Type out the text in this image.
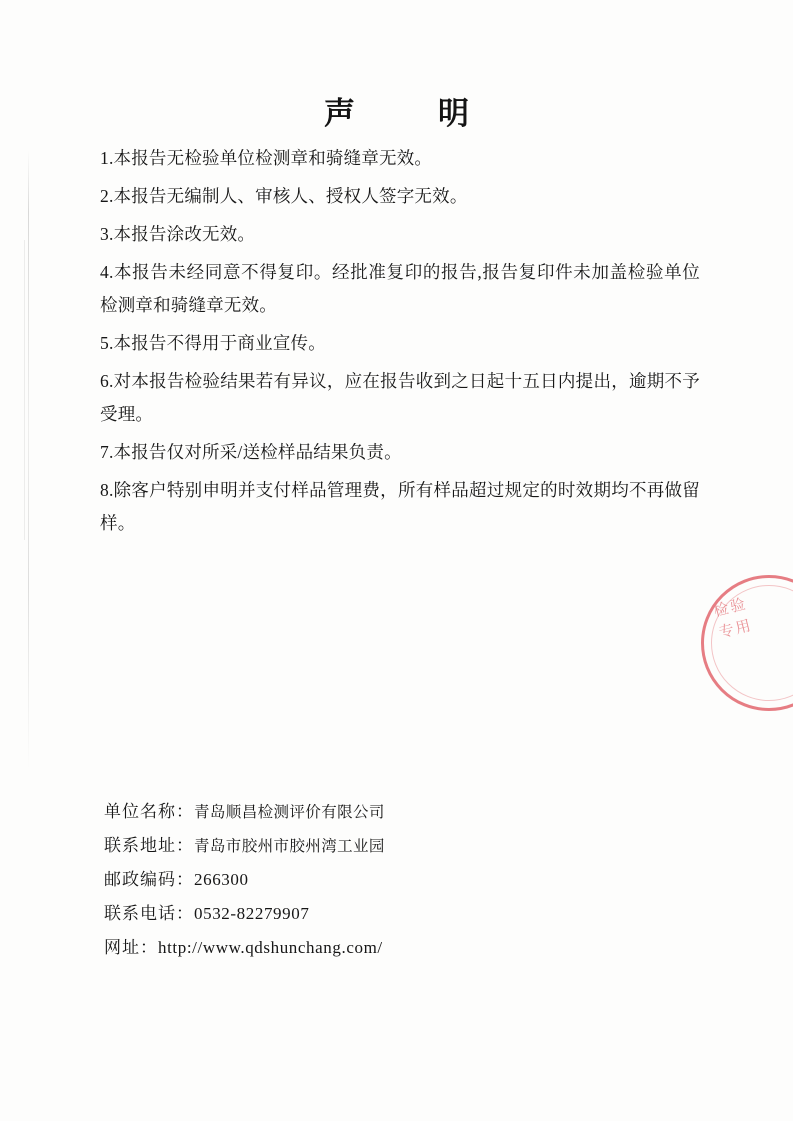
声　明

1.本报告无检验单位检测章和骑缝章无效。

2.本报告无编制人、审核人、授权人签字无效。

3.本报告涂改无效。

4.本报告未经同意不得复印。经批准复印的报告,报告复印件未加盖检验单位检测章和骑缝章无效。

5.本报告不得用于商业宣传。

6.对本报告检验结果若有异议，应在报告收到之日起十五日内提出，逾期不予受理。

7.本报告仅对所采/送检样品结果负责。

8.除客户特别申明并支付样品管理费，所有样品超过规定的时效期均不再做留样。

检验专用
单位名称：青岛顺昌检测评价有限公司
联系地址：青岛市胶州市胶州湾工业园
邮政编码：266300
联系电话：0532-82279907
网址：http://www.qdshunchang.com/
